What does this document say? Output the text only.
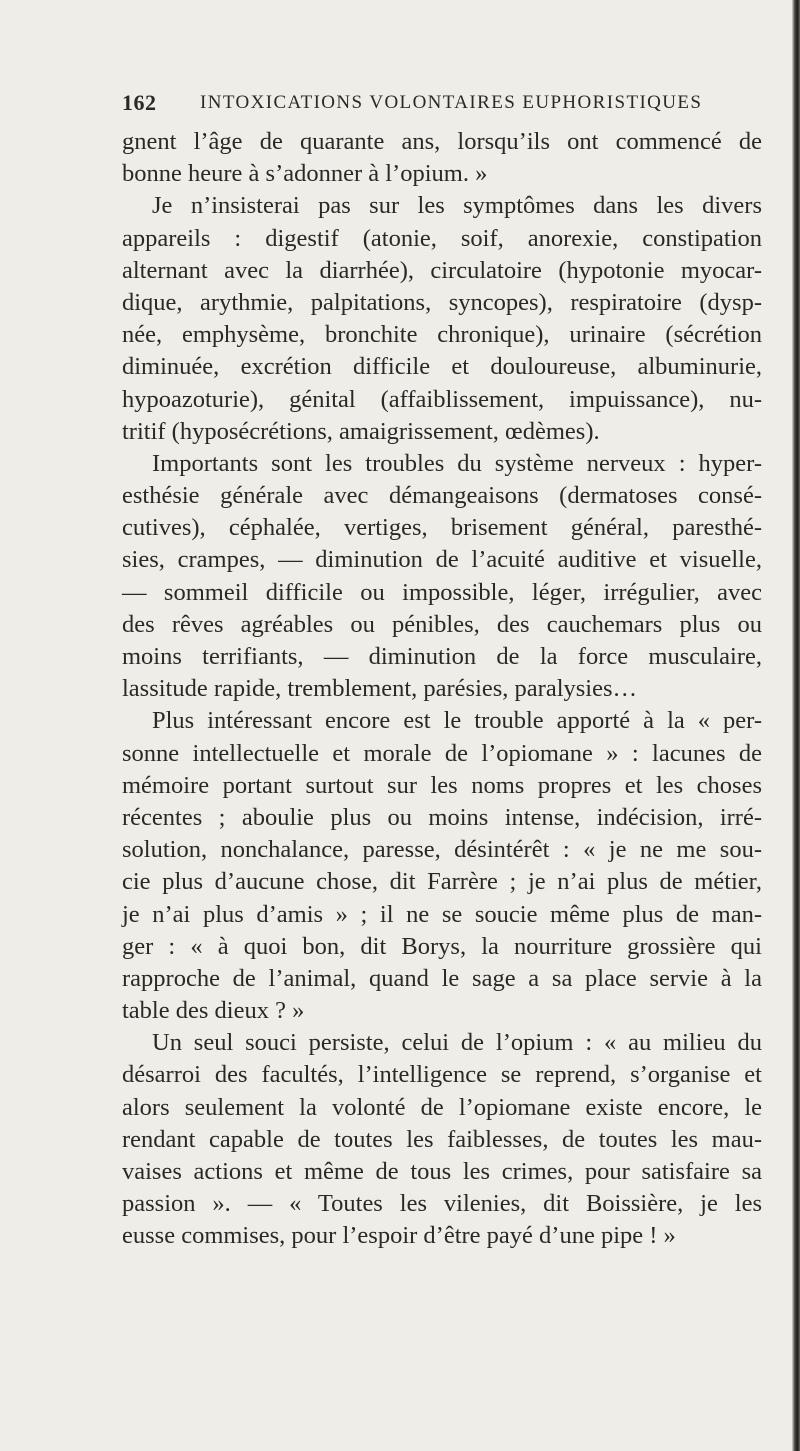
162 INTOXICATIONS VOLONTAIRES EUPHORISTIQUES
gnent l’âge de quarante ans, lorsqu’ils ont commencé de
bonne heure à s’adonner à l’opium. »
Je n’insisterai pas sur les symptômes dans les divers
appareils : digestif (atonie, soif, anorexie, constipation
alternant avec la diarrhée), circulatoire (hypotonie myocar-
dique, arythmie, palpitations, syncopes), respiratoire (dysp-
née, emphysème, bronchite chronique), urinaire (sécrétion
diminuée, excrétion difficile et douloureuse, albuminurie,
hypoazoturie), génital (affaiblissement, impuissance), nu-
tritif (hyposécrétions, amaigrissement, œdèmes).
Importants sont les troubles du système nerveux : hyper-
esthésie générale avec démangeaisons (dermatoses consé-
cutives), céphalée, vertiges, brisement général, paresthé-
sies, crampes, — diminution de l’acuité auditive et visuelle,
— sommeil difficile ou impossible, léger, irrégulier, avec
des rêves agréables ou pénibles, des cauchemars plus ou
moins terrifiants, — diminution de la force musculaire,
lassitude rapide, tremblement, parésies, paralysies…
Plus intéressant encore est le trouble apporté à la « per-
sonne intellectuelle et morale de l’opiomane » : lacunes de
mémoire portant surtout sur les noms propres et les choses
récentes ; aboulie plus ou moins intense, indécision, irré-
solution, nonchalance, paresse, désintérêt : « je ne me sou-
cie plus d’aucune chose, dit Farrère ; je n’ai plus de métier,
je n’ai plus d’amis » ; il ne se soucie même plus de man-
ger : « à quoi bon, dit Borys, la nourriture grossière qui
rapproche de l’animal, quand le sage a sa place servie à la
table des dieux ? »
Un seul souci persiste, celui de l’opium : « au milieu du
désarroi des facultés, l’intelligence se reprend, s’organise et
alors seulement la volonté de l’opiomane existe encore, le
rendant capable de toutes les faiblesses, de toutes les mau-
vaises actions et même de tous les crimes, pour satisfaire sa
passion ». — « Toutes les vilenies, dit Boissière, je les
eusse commises, pour l’espoir d’être payé d’une pipe ! »
